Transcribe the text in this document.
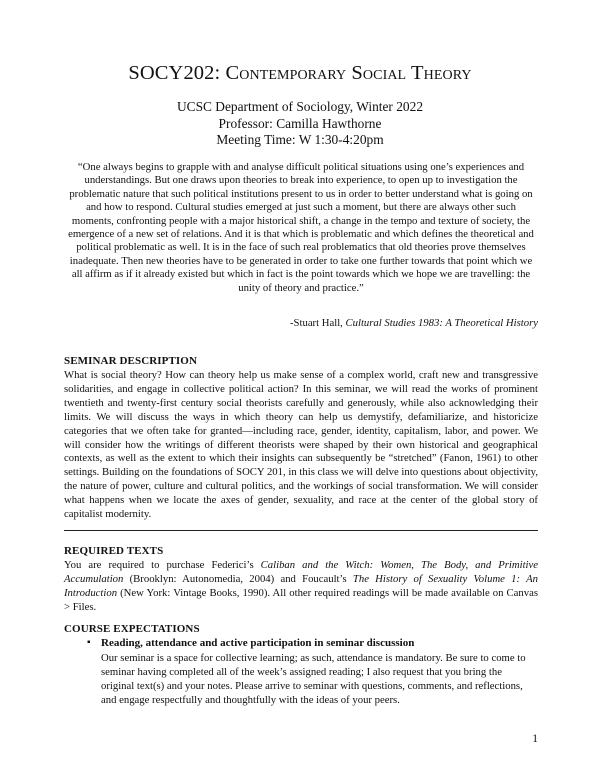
SOCY202: Contemporary Social Theory
UCSC Department of Sociology, Winter 2022
Professor: Camilla Hawthorne
Meeting Time: W 1:30-4:20pm
“One always begins to grapple with and analyse difficult political situations using one’s experiences and understandings. But one draws upon theories to break into experience, to open up to investigation the problematic nature that such political institutions present to us in order to better understand what is going on and how to respond. Cultural studies emerged at just such a moment, but there are always other such moments, confronting people with a major historical shift, a change in the tempo and texture of society, the emergence of a new set of relations. And it is that which is problematic and which defines the theoretical and political problematic as well. It is in the face of such real problematics that old theories prove themselves inadequate. Then new theories have to be generated in order to take one further towards that point which we all affirm as if it already existed but which in fact is the point towards which we hope we are travelling: the unity of theory and practice.”
-Stuart Hall, Cultural Studies 1983: A Theoretical History
SEMINAR DESCRIPTION
What is social theory? How can theory help us make sense of a complex world, craft new and transgressive solidarities, and engage in collective political action? In this seminar, we will read the works of prominent twentieth and twenty-first century social theorists carefully and generously, while also acknowledging their limits. We will discuss the ways in which theory can help us demystify, defamiliarize, and historicize categories that we often take for granted—including race, gender, identity, capitalism, labor, and power. We will consider how the writings of different theorists were shaped by their own historical and geographical contexts, as well as the extent to which their insights can subsequently be “stretched” (Fanon, 1961) to other settings. Building on the foundations of SOCY 201, in this class we will delve into questions about objectivity, the nature of power, culture and cultural politics, and the workings of social transformation. We will consider what happens when we locate the axes of gender, sexuality, and race at the center of the global story of capitalist modernity.
REQUIRED TEXTS
You are required to purchase Federici’s Caliban and the Witch: Women, The Body, and Primitive Accumulation (Brooklyn: Autonomedia, 2004) and Foucault’s The History of Sexuality Volume 1: An Introduction (New York: Vintage Books, 1990). All other required readings will be made available on Canvas > Files.
COURSE EXPECTATIONS
▪ Reading, attendance and active participation in seminar discussion
Our seminar is a space for collective learning; as such, attendance is mandatory. Be sure to come to seminar having completed all of the week’s assigned reading; I also request that you bring the original text(s) and your notes. Please arrive to seminar with questions, comments, and reflections, and engage respectfully and thoughtfully with the ideas of your peers.
1
